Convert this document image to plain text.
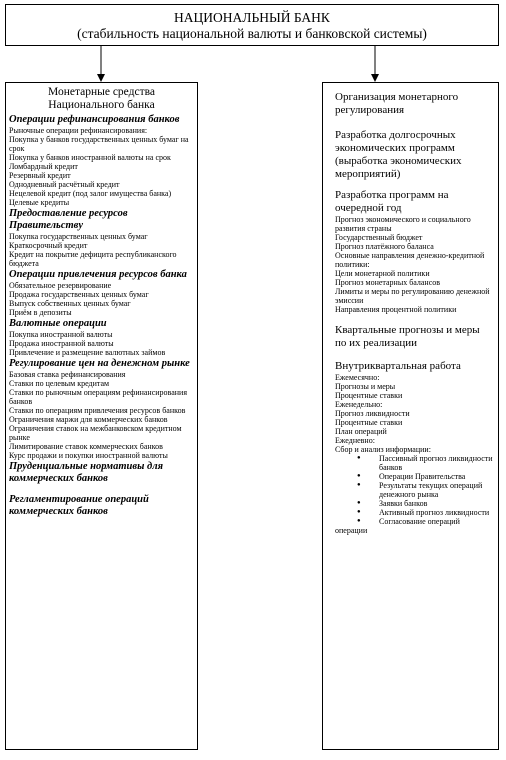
НАЦИОНАЛЬНЫЙ БАНК
(стабильность национальной валюты и банковской системы)
Монетарные средства Национального банка
Операции рефинансирования банков
Рыночные операции рефинансирования:
Покупка у банков государственных ценных бумаг на срок
Покупка у банков иностранной валюты на срок
Ломбардный кредит
Резервный кредит
Однодневный расчётный кредит
Нецелевой кредит (под залог имущества банка)
Целевые кредиты
Предоставление ресурсов Правительству
Покупка государственных ценных бумаг
Краткосрочный кредит
Кредит на покрытие дефицита республиканского бюджета
Операции привлечения ресурсов банка
Обязательное резервирование
Продажа государственных ценных бумаг
Выпуск собственных ценных бумаг
Приём в депозиты
Валютные операции
Покупка иностранной валюты
Продажа иностранной валюты
Привлечение и размещение валютных займов
Регулирование цен на денежном рынке
Базовая ставка рефинансирования
Ставки по целевым кредитам
Ставки по рыночным операциям рефинансирования банков
Ставки по операциям привлечения ресурсов банков
Ограничения маржи для коммерческих банков
Ограничения ставок на межбанковском кредитном рынке
Лимитирование ставок коммерческих банков
Курс продажи и покупки иностранной валюты
Пруденциальные нормативы для коммерческих банков
Регламентирование операций коммерческих банков
Организация монетарного регулирования
Разработка долгосрочных экономических программ (выработка экономических мероприятий)
Разработка программ на очередной год
Прогноз экономического и социального развития страны
Государственный бюджет
Прогноз платёжного баланса
Основные направления денежно-кредитной политики:
Цели монетарной политики
Прогноз монетарных балансов
Лимиты и меры по регулированию денежной эмиссии
Направления процентной политики
Квартальные прогнозы и меры по их реализации
Внутриквартальная работа
Ежемесячно:
Прогнозы и меры
Процентные ставки
Еженедельно:
Прогноз ликвидности
Процентные ставки
План операций
Ежедневно:
Сбор и анализ информации:
● Пассивный прогноз ликвидности банков
● Операции Правительства
● Результаты текущих операций денежного рынка
● Заявки банков
● Активный прогноз ликвидности
● Согласование операций
операции
